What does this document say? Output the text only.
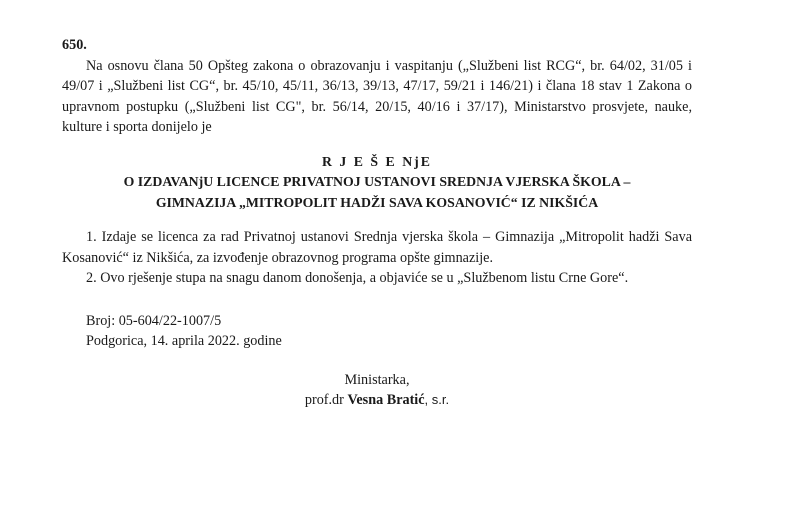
650.

Na osnovu člana 50 Opšteg zakona o obrazovanju i vaspitanju („Službeni list RCG“, br. 64/02, 31/05 i 49/07 i „Službeni list CG“, br. 45/10, 45/11, 36/13, 39/13, 47/17, 59/21 i 146/21) i člana 18 stav 1 Zakona o upravnom postupku („Službeni list CG", br. 56/14, 20/15, 40/16 i 37/17), Ministarstvo prosvjete, nauke, kulture i sporta donijelo je

R J E Š E NjE
O IZDAVANjU LICENCE PRIVATNOJ USTANOVI SREDNJA VJERSKA ŠKOLA –
GIMNAZIJA „MITROPOLIT HADŽI SAVA KOSANOVIĆ“ IZ NIKŠIĆA

1. Izdaje se licenca za rad Privatnoj ustanovi Srednja vjerska škola – Gimnazija „Mitropolit hadži Sava Kosanović“ iz Nikšića, za izvođenje obrazovnog programa opšte gimnazije.

2. Ovo rješenje stupa na snagu danom donošenja, a objaviće se u „Službenom listu Crne Gore“.

Broj: 05-604/22-1007/5
Podgorica, 14. aprila 2022. godine
Ministarka,
prof.dr Vesna Bratić, s.r.
